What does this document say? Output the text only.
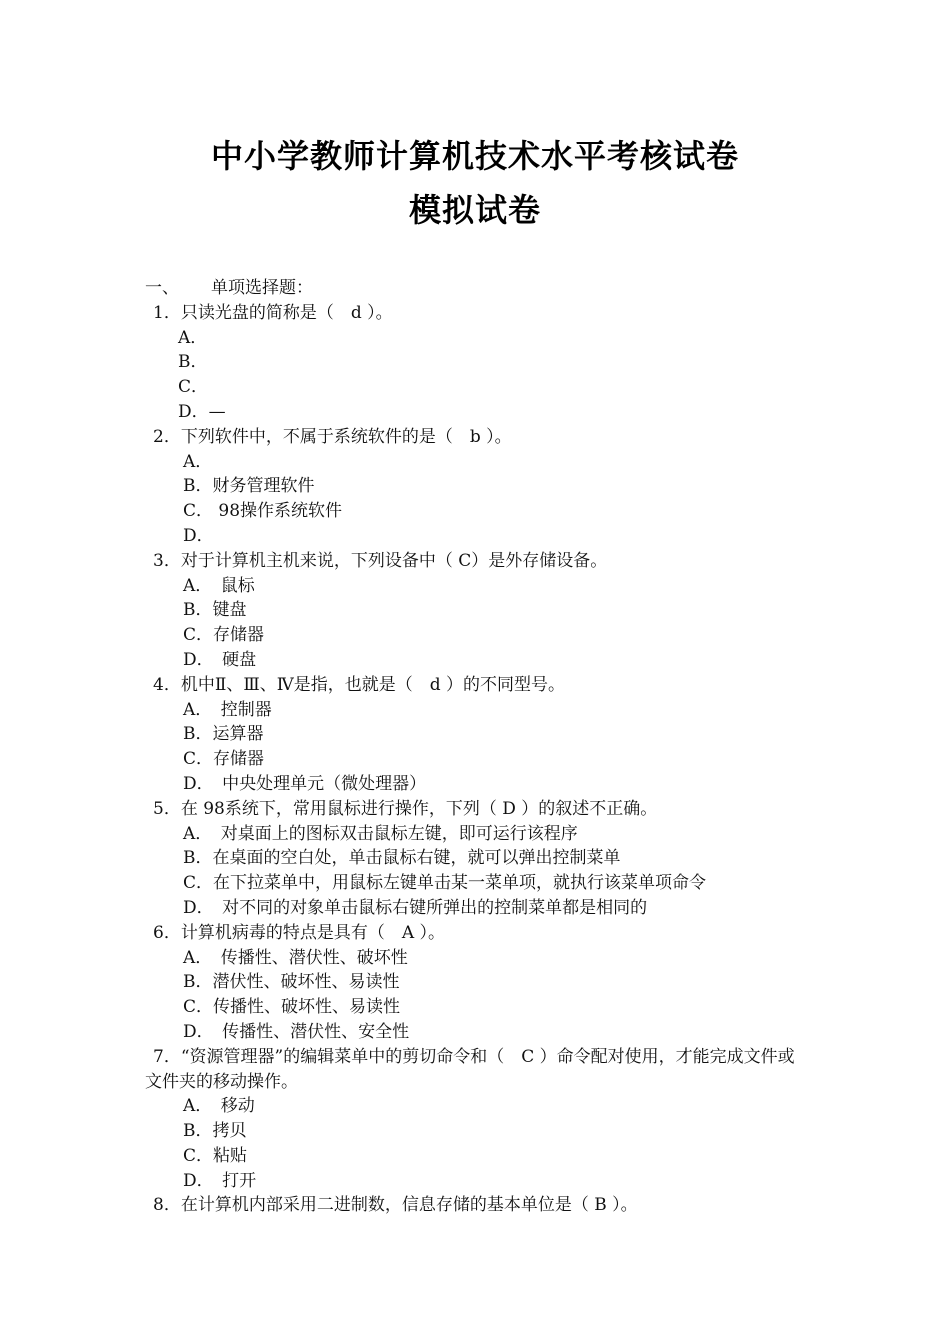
中小学教师计算机技术水平考核试卷
模拟试卷
一、 单项选择题：
1．只读光盘的简称是（　d ）。
A．
B．
C．
D．—
2．下列软件中，不属于系统软件的是（　b ）。
A．
B．财务管理软件
C． 98操作系统软件
D．
3．对于计算机主机来说，下列设备中（ C）是外存储设备。
A．　鼠标
B．键盘
C．存储器
D．　硬盘
4．机中Ⅱ、Ⅲ、Ⅳ是指，也就是（　d ）的不同型号。
A．　控制器
B．运算器
C．存储器
D．　中央处理单元（微处理器）
5．在 98系统下，常用鼠标进行操作，下列（ D ）的叙述不正确。
A．　对桌面上的图标双击鼠标左键，即可运行该程序
B．在桌面的空白处，单击鼠标右键，就可以弹出控制菜单
C．在下拉菜单中，用鼠标左键单击某一菜单项，就执行该菜单项命令
D．　对不同的对象单击鼠标右键所弹出的控制菜单都是相同的
6．计算机病毒的特点是具有（　A ）。
A．　传播性、潜伏性、破坏性
B．潜伏性、破坏性、易读性
C．传播性、破坏性、易读性
D．　传播性、潜伏性、安全性
7．“资源管理器”的编辑菜单中的剪切命令和（　C ）命令配对使用，才能完成文件或文件夹的移动操作。
A．　移动
B．拷贝
C．粘贴
D．　打开
8．在计算机内部采用二进制数，信息存储的基本单位是（ B ）。
